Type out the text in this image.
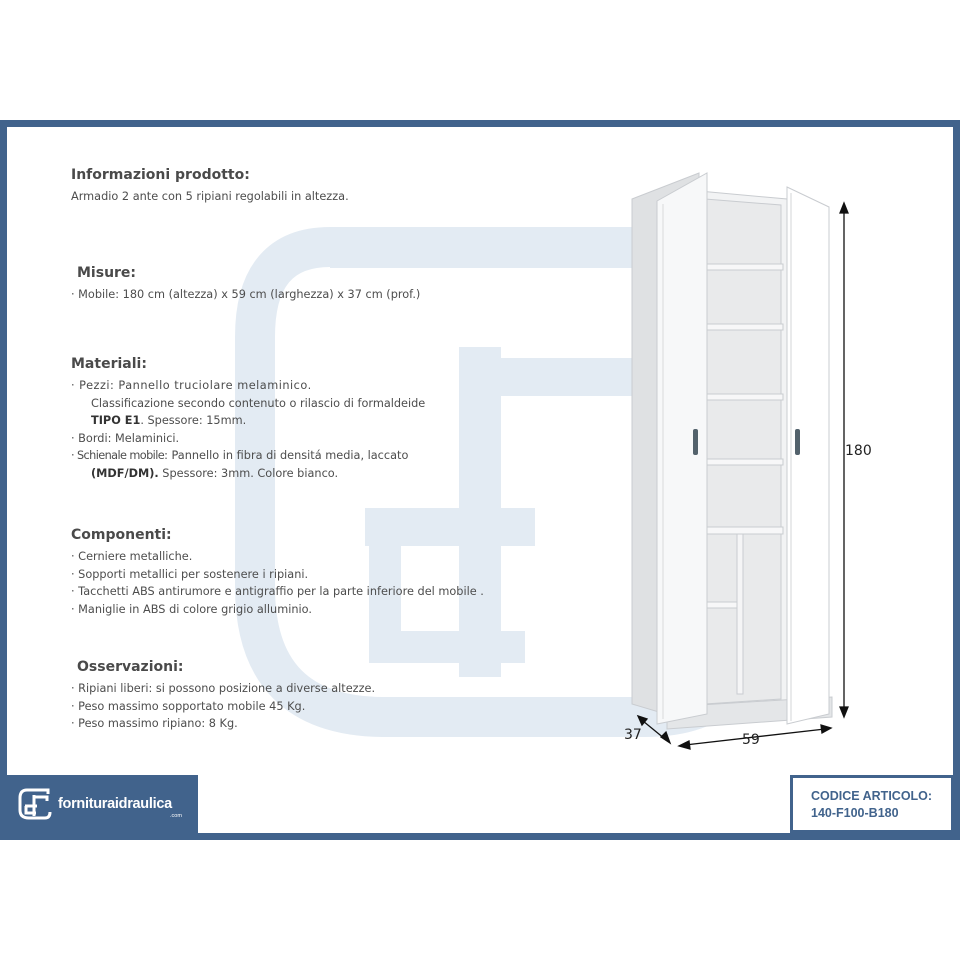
Informazioni prodotto:
Armadio 2 ante con 5 ripiani regolabili in altezza.
Misure:
· Mobile: 180 cm (altezza) x 59 cm (larghezza) x 37 cm (prof.)
Materiali:
· Pezzi: Pannello truciolare melaminico.
Classificazione secondo contenuto o rilascio di formaldeide
TIPO E1. Spessore: 15mm.
· Bordi: Melaminici.
· Schienale mobile: Pannello in fibra di densitá media, laccato
(MDF/DM). Spessore: 3mm. Colore bianco.
Componenti:
· Cerniere metalliche.
· Sopporti metallici per sostenere i ripiani.
· Tacchetti ABS antirumore e antigraffio per la parte inferiore del mobile .
· Maniglie in ABS di colore grigio alluminio.
Osservazioni:
· Ripiani liberi: si possono posizione a diverse altezze.
· Peso massimo sopportato mobile 45 Kg.
· Peso massimo ripiano: 8 Kg.
180
59
37
forniturаidraulica
.com
CODICE ARTICOLO:
140-F100-B180
